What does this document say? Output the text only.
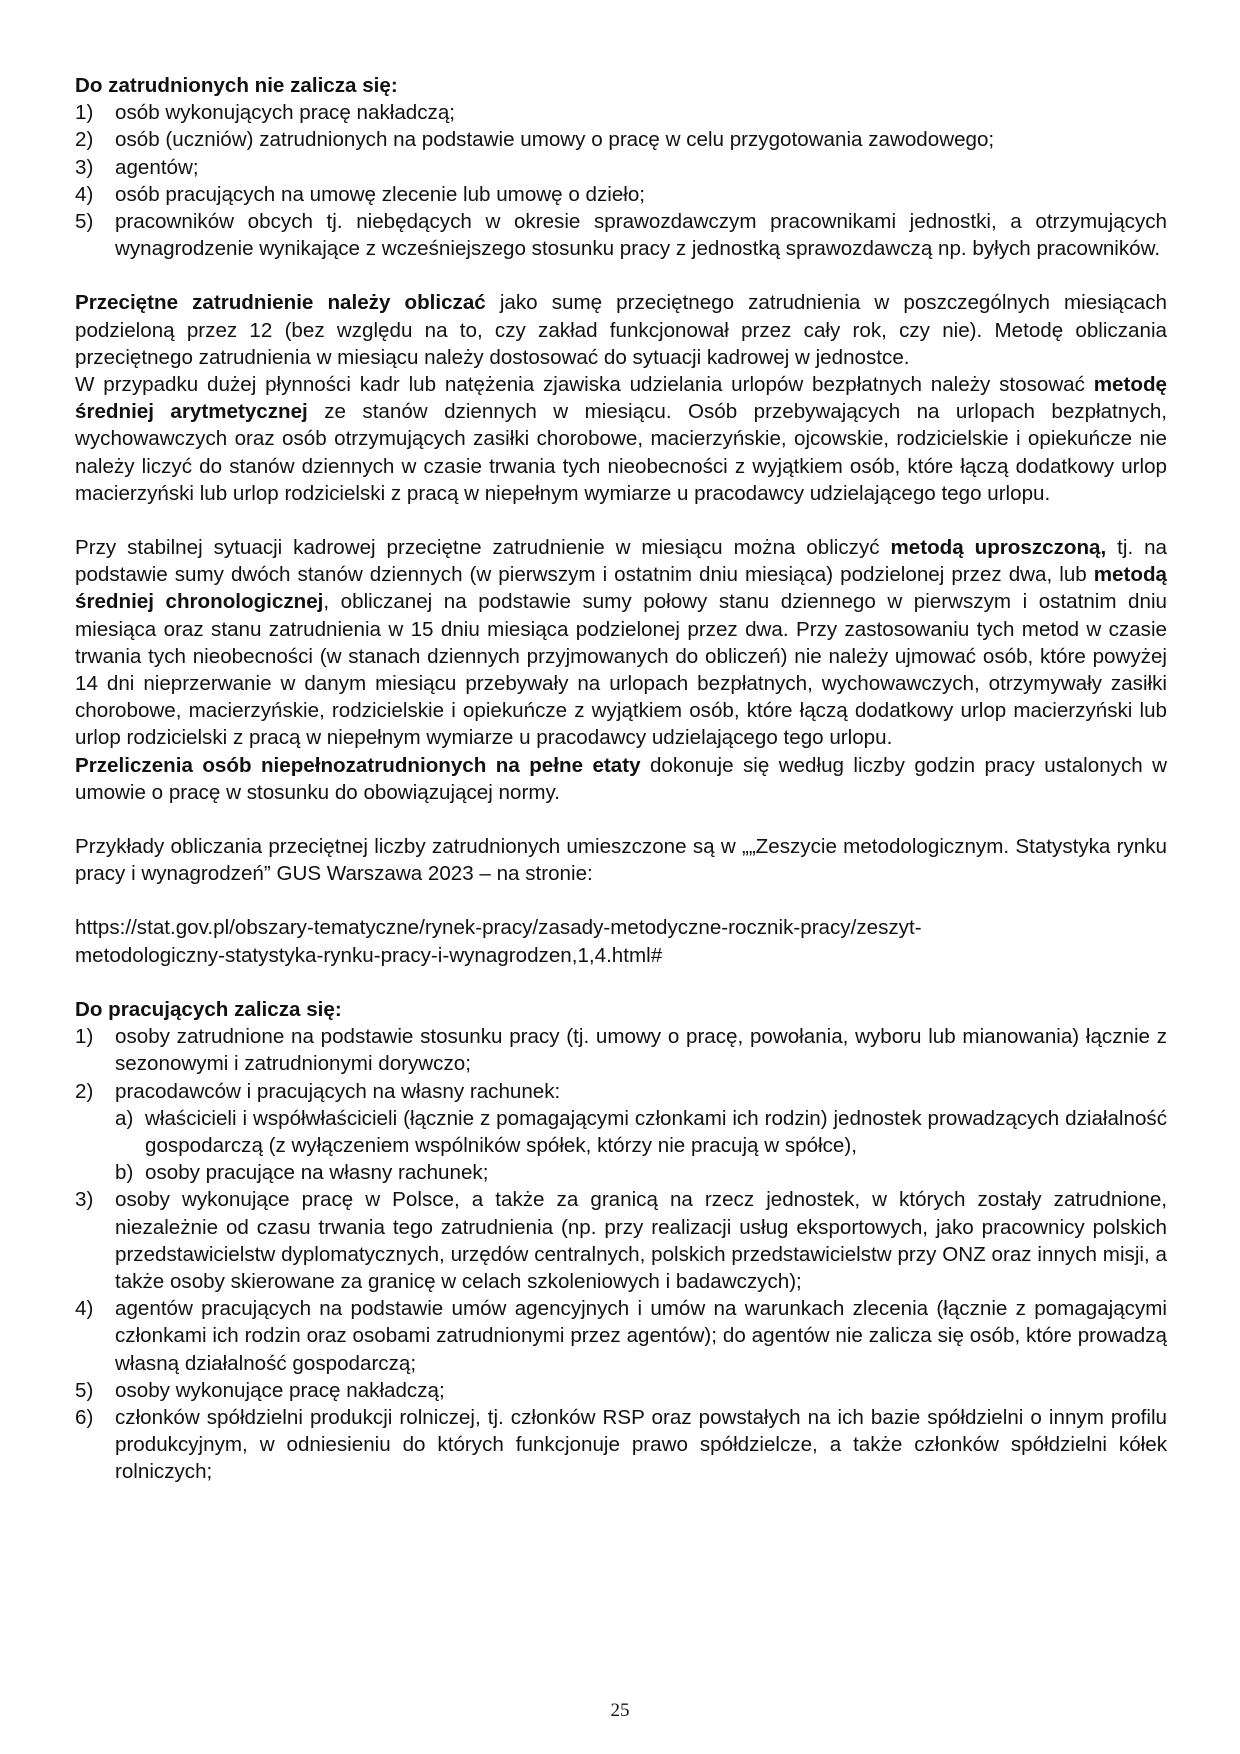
Do zatrudnionych nie zalicza się:

1) osób wykonujących pracę nakładczą;
2) osób (uczniów) zatrudnionych na podstawie umowy o pracę w celu przygotowania zawodowego;
3) agentów;
4) osób pracujących na umowę zlecenie lub umowę o dzieło;
5) pracowników obcych tj. niebędących w okresie sprawozdawczym pracownikami jednostki, a otrzymujących wynagrodzenie wynikające z wcześniejszego stosunku pracy z jednostką sprawozdawczą np. byłych pracowników.

Przeciętne zatrudnienie należy obliczać jako sumę przeciętnego zatrudnienia w poszczególnych miesiącach podzieloną przez 12 (bez względu na to, czy zakład funkcjonował przez cały rok, czy nie). Metodę obliczania przeciętnego zatrudnienia w miesiącu należy dostosować do sytuacji kadrowej w jednostce.

W przypadku dużej płynności kadr lub natężenia zjawiska udzielania urlopów bezpłatnych należy stosować metodę średniej arytmetycznej ze stanów dziennych w miesiącu. Osób przebywających na urlopach bezpłatnych, wychowawczych oraz osób otrzymujących zasiłki chorobowe, macierzyńskie, ojcowskie, rodzicielskie i opiekuńcze nie należy liczyć do stanów dziennych w czasie trwania tych nieobecności z wyjątkiem osób, które łączą dodatkowy urlop macierzyński lub urlop rodzicielski z pracą w niepełnym wymiarze u pracodawcy udzielającego tego urlopu.

Przy stabilnej sytuacji kadrowej przeciętne zatrudnienie w miesiącu można obliczyć metodą uproszczoną, tj. na podstawie sumy dwóch stanów dziennych (w pierwszym i ostatnim dniu miesiąca) podzielonej przez dwa, lub metodą średniej chronologicznej, obliczanej na podstawie sumy połowy stanu dziennego w pierwszym i ostatnim dniu miesiąca oraz stanu zatrudnienia w 15 dniu miesiąca podzielonej przez dwa. Przy zastosowaniu tych metod w czasie trwania tych nieobecności (w stanach dziennych przyjmowanych do obliczeń) nie należy ujmować osób, które powyżej 14 dni nieprzerwanie w danym miesiącu przebywały na urlopach bezpłatnych, wychowawczych, otrzymywały zasiłki chorobowe, macierzyńskie, rodzicielskie i opiekuńcze z wyjątkiem osób, które łączą dodatkowy urlop macierzyński lub urlop rodzicielski z pracą w niepełnym wymiarze u pracodawcy udzielającego tego urlopu.

Przeliczenia osób niepełnozatrudnionych na pełne etaty dokonuje się według liczby godzin pracy ustalonych w umowie o pracę w stosunku do obowiązującej normy.

Przykłady obliczania przeciętnej liczby zatrudnionych umieszczone są w „„Zeszycie metodologicznym. Statystyka rynku pracy i wynagrodzeń” GUS Warszawa 2023 – na stronie:

https://stat.gov.pl/obszary-tematyczne/rynek-pracy/zasady-metodyczne-rocznik-pracy/zeszyt-
metodologiczny-statystyka-rynku-pracy-i-wynagrodzen,1,4.html#

Do pracujących zalicza się:

1) osoby zatrudnione na podstawie stosunku pracy (tj. umowy o pracę, powołania, wyboru lub mianowania) łącznie z sezonowymi i zatrudnionymi dorywczo;
2) pracodawców i pracujących na własny rachunek:
a) właścicieli i współwłaścicieli (łącznie z pomagającymi członkami ich rodzin) jednostek prowadzących działalność gospodarczą (z wyłączeniem wspólników spółek, którzy nie pracują w spółce),
b) osoby pracujące na własny rachunek;
3) osoby wykonujące pracę w Polsce, a także za granicą na rzecz jednostek, w których zostały zatrudnione, niezależnie od czasu trwania tego zatrudnienia (np. przy realizacji usług eksportowych, jako pracownicy polskich przedstawicielstw dyplomatycznych, urzędów centralnych, polskich przedstawicielstw przy ONZ oraz innych misji, a także osoby skierowane za granicę w celach szkoleniowych i badawczych);
4) agentów pracujących na podstawie umów agencyjnych i umów na warunkach zlecenia (łącznie z pomagającymi członkami ich rodzin oraz osobami zatrudnionymi przez agentów); do agentów nie zalicza się osób, które prowadzą własną działalność gospodarczą;
5) osoby wykonujące pracę nakładczą;
6) członków spółdzielni produkcji rolniczej, tj. członków RSP oraz powstałych na ich bazie spółdzielni o innym profilu produkcyjnym, w odniesieniu do których funkcjonuje prawo spółdzielcze, a także członków spółdzielni kółek rolniczych;
25
